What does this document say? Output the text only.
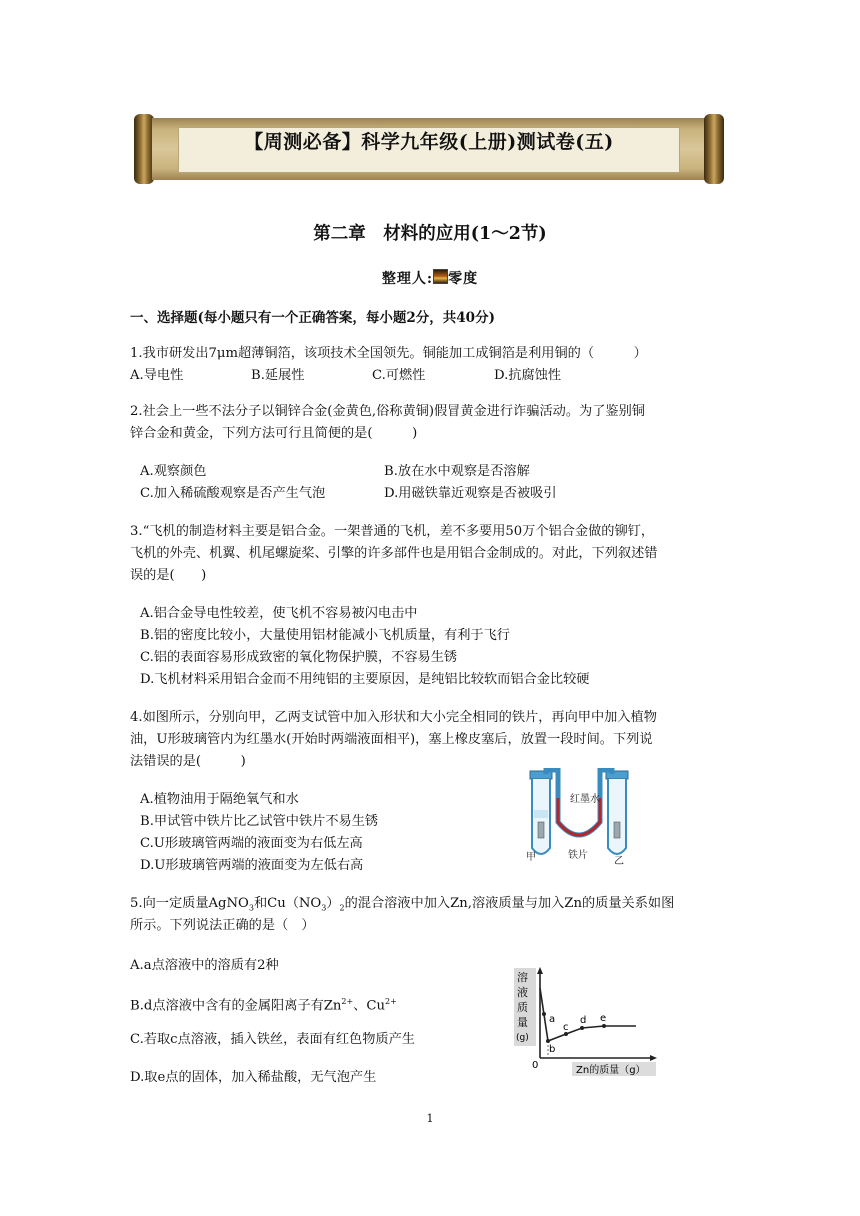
【周测必备】科学九年级(上册)测试卷(五)
第二章　材料的应用(1～2节)
整理人: 零度
一、选择题(每小题只有一个正确答案，每小题2分，共40分)
1.我市研发出7μm超薄铜箔，该项技术全国领先。铜能加工成铜箔是利用铜的（　　　）
A.导电性	B.延展性	C.可燃性	D.抗腐蚀性
2.社会上一些不法分子以铜锌合金(金黄色,俗称黄铜)假冒黄金进行诈骗活动。为了鉴别铜
锌合金和黄金，下列方法可行且简便的是(　　　)
A.观察颜色	B.放在水中观察是否溶解
C.加入稀硫酸观察是否产生气泡	D.用磁铁靠近观察是否被吸引
3.“飞机的制造材料主要是铝合金。一架普通的飞机，差不多要用50万个铝合金做的铆钉，
飞机的外壳、机翼、机尾螺旋桨、引擎的许多部件也是用铝合金制成的。对此，下列叙述错
误的是(　　)
A.铝合金导电性较差，使飞机不容易被闪电击中
B.铝的密度比较小，大量使用铝材能减小飞机质量，有利于飞行
C.铝的表面容易形成致密的氧化物保护膜，不容易生锈
D.飞机材料采用铝合金而不用纯铝的主要原因，是纯铝比较软而铝合金比较硬
4.如图所示，分别向甲，乙两支试管中加入形状和大小完全相同的铁片，再向甲中加入植物
油，U形玻璃管内为红墨水(开始时两端液面相平)，塞上橡皮塞后，放置一段时间。下列说
法错误的是(　　　)
A.植物油用于隔绝氧气和水
B.甲试管中铁片比乙试管中铁片不易生锈
C.U形玻璃管两端的液面变为右低左高
D.U形玻璃管两端的液面变为左低右高
红墨水
铁片
甲	乙
5.向一定质量AgNO$_3$和$Cu(NO_3)_2$的混合溶液中加入Zn,溶液质量与加入Zn的质量关系如图
所示。下列说法正确的是（　）
A.a点溶液中的溶质有2种
B.d点溶液中含有的金属阳离子有$Zn^{2+}$、$Cu^{2+}$
C.若取c点溶液，插入铁丝，表面有红色物质产生
D.取e点的固体，加入稀盐酸，无气泡产生
溶
液
质
量
(g)
0
a
b
c
d e
Zn的质量（g）
1
